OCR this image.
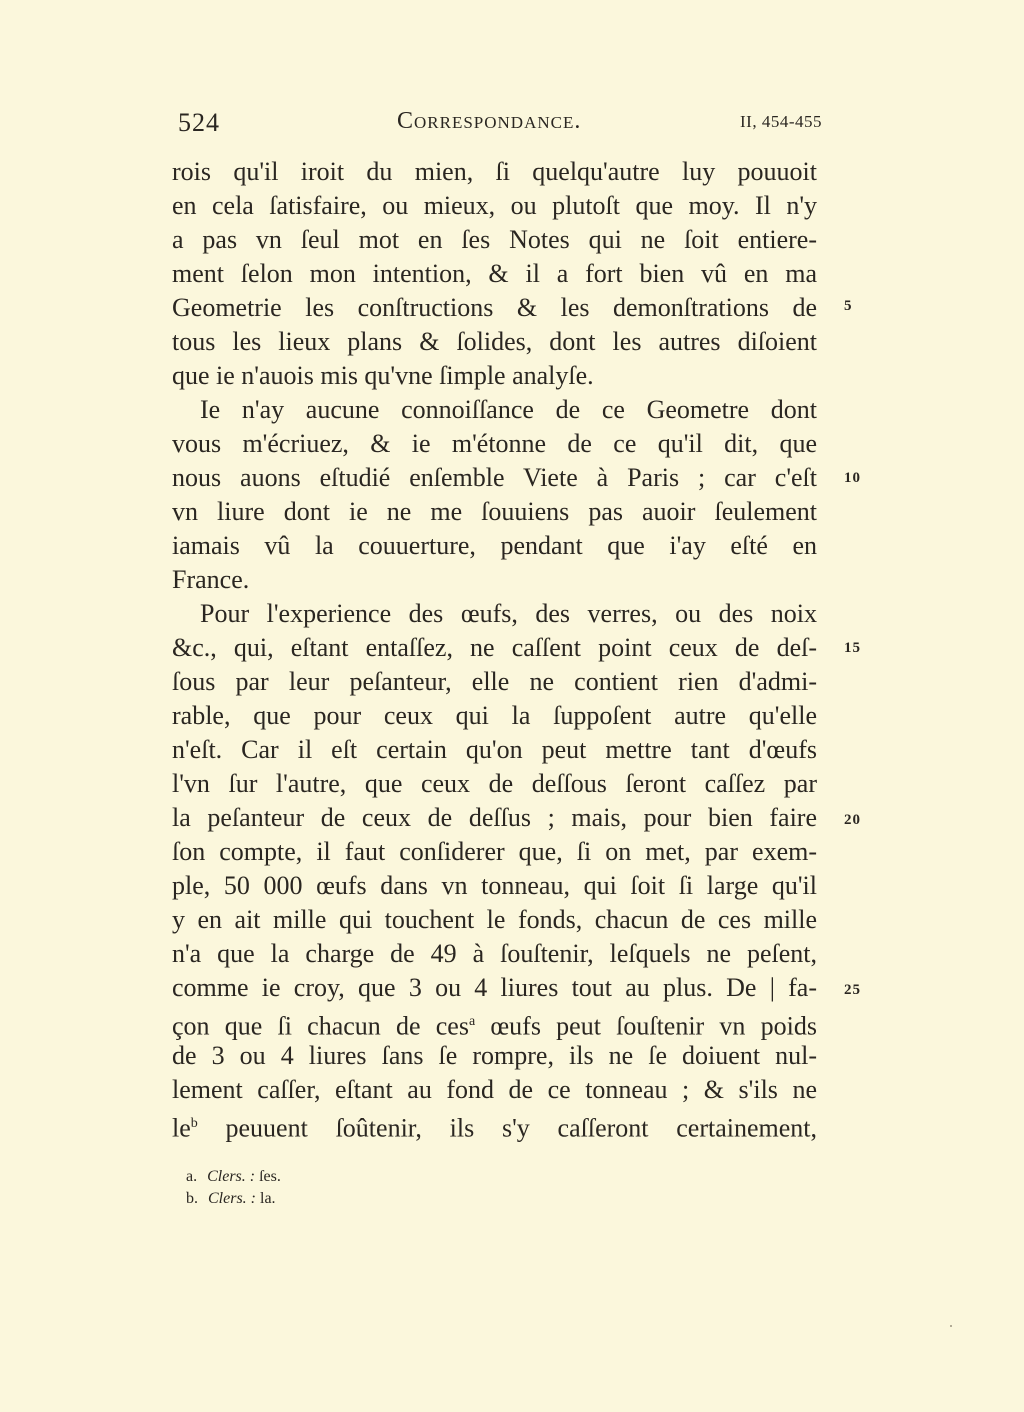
524	Correspondance.	II, 454-455
rois qu'il iroit du mien, ſi quelqu'autre luy pouuoit
en cela ſatisfaire, ou mieux, ou plutoſt que moy. Il n'y
a pas vn ſeul mot en ſes Notes qui ne ſoit entiere-
ment ſelon mon intention, & il a fort bien vû en ma
Geometrie les conſtructions & les demonſtrations de
tous les lieux plans & ſolides, dont les autres diſoient
que ie n'auois mis qu'vne ſimple analyſe.
Ie n'ay aucune connoiſſance de ce Geometre dont
vous m'écriuez, & ie m'étonne de ce qu'il dit, que
nous auons eſtudié enſemble Viete à Paris ; car c'eſt
vn liure dont ie ne me ſouuiens pas auoir ſeulement
iamais vû la couuerture, pendant que i'ay eſté en
France.
Pour l'experience des œufs, des verres, ou des noix
&c., qui, eſtant entaſſez, ne caſſent point ceux de deſ-
ſous par leur peſanteur, elle ne contient rien d'admi-
rable, que pour ceux qui la ſuppoſent autre qu'elle
n'eſt. Car il eſt certain qu'on peut mettre tant d'œufs
l'vn ſur l'autre, que ceux de deſſous ſeront caſſez par
la peſanteur de ceux de deſſus ; mais, pour bien faire
ſon compte, il faut conſiderer que, ſi on met, par exem-
ple, 50 000 œufs dans vn tonneau, qui ſoit ſi large qu'il
y en ait mille qui touchent le fonds, chacun de ces mille
n'a que la charge de 49 à ſouſtenir, leſquels ne peſent,
comme ie croy, que 3 ou 4 liures tout au plus. De | fa-
çon que ſi chacun de ces$^a$ œufs peut ſouſtenir vn poids
de 3 ou 4 liures ſans ſe rompre, ils ne ſe doiuent nul-
lement caſſer, eſtant au fond de ce tonneau ; & s'ils ne
$le^b$ peuuent ſoûtenir, ils s'y caſſeront certainement,
5
10
15
20
25
a. Clers. : ſes.
b. Clers. : la.
